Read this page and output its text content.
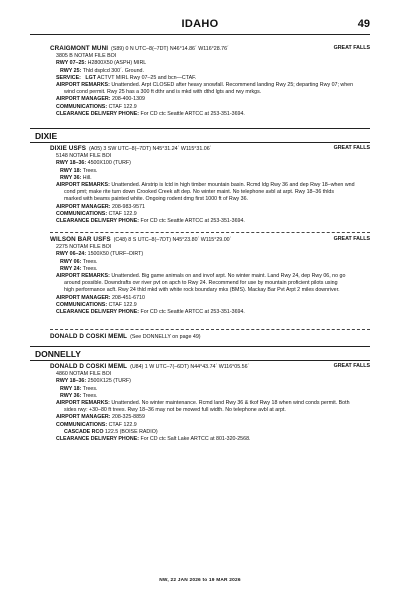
IDAHO	49
GREAT FALLS
CRAIGMONT MUNI (S89) 0 N UTC–8(–7DT) N46°14.86´ W116°28.76´
3805 B NOTAM FILE BOI
RWY 07–25: H2800X50 (ASPH) MIRL
RWY 25: Thld dsplcd 300´. Ground.
SERVICE: LGT ACTVT MIRL Rwy 07–25 and bcn—CTAF.
AIRPORT REMARKS: Unattended. Arpt CLOSED after heavy snowfall. Recommend landing Rwy 25; departing Rwy 07; when
wind cond permit. Rwy 25 has a 300 ft dthr and is mkd with dthd lgts and rwy mrkgs.
AIRPORT MANAGER: 208-400-1309
COMMUNICATIONS: CTAF 122.9
CLEARANCE DELIVERY PHONE: For CD ctc Seattle ARTCC at 253-351-3694.
DIXIE
GREAT FALLS
DIXIE USFS (A05) 3 SW UTC–8(–7DT) N45°31.24´ W115°31.06´
5148 NOTAM FILE BOI
RWY 18–36: 4500X100 (TURF)
RWY 18: Trees.
RWY 36: Hill.
AIRPORT REMARKS: Unattended. Airstrip is lctd in high timber mountain basin. Rcmd ldg Rwy 36 and dep Rwy 18–when wnd
cond pmt; make rite turn down Crooked Creek aft dep. No winter maint. No telephone avbl at arpt. Rwy 18–36 thlds
marked with beams painted white. Ongoing rodent dmg first 1000 ft of Rwy 36.
AIRPORT MANAGER: 208-983-9571
COMMUNICATIONS: CTAF 122.9
CLEARANCE DELIVERY PHONE: For CD ctc Seattle ARTCC at 253-351-3694.
GREAT FALLS
WILSON BAR USFS (C48) 8 S UTC–8(–7DT) N45°23.80´ W115°29.00´
2275 NOTAM FILE BOI
RWY 06–24: 1500X50 (TURF–DIRT)
RWY 06: Trees.
RWY 24: Trees.
AIRPORT REMARKS: Unattended. Big game animals on and invof arpt. No winter maint. Land Rwy 24, dep Rwy 06, no go
around possible. Downdrafts ovr river pvt on apch to Rwy 24. Recommend for use by mountain proficient pilots using
high performance acft. Rwy 24 thld mkd with white rock boundary mks (BMS). Mackay Bar Pvt Arpt 2 miles downriver.
AIRPORT MANAGER: 208-451-6710
COMMUNICATIONS: CTAF 122.9
CLEARANCE DELIVERY PHONE: For CD ctc Seattle ARTCC at 253-351-3694.
DONALD D COSKI MEML (See DONNELLY on page 49)
DONNELLY
GREAT FALLS
DONALD D COSKI MEML (U84) 1 W UTC–7(–6DT) N44°43.74´ W116°05.56´
4860 NOTAM FILE BOI
RWY 18–36: 2500X125 (TURF)
RWY 18: Trees.
RWY 36: Trees.
AIRPORT REMARKS: Unattended. No winter maintenance. Rcmd land Rwy 36 & tkof Rwy 18 when wind conds permit. Both
sides rwy: +30–80 ft trees. Rwy 18–36 may not be mowed full width. No telephone avbl at arpt.
AIRPORT MANAGER: 208-325-8859
COMMUNICATIONS: CTAF 122.9
CASCADE RCO 122.5 (BOISE RADIO)
CLEARANCE DELIVERY PHONE: For CD ctc Salt Lake ARTCC at 801-320-2568.
NW, 22 JAN 2026 to 19 MAR 2026
